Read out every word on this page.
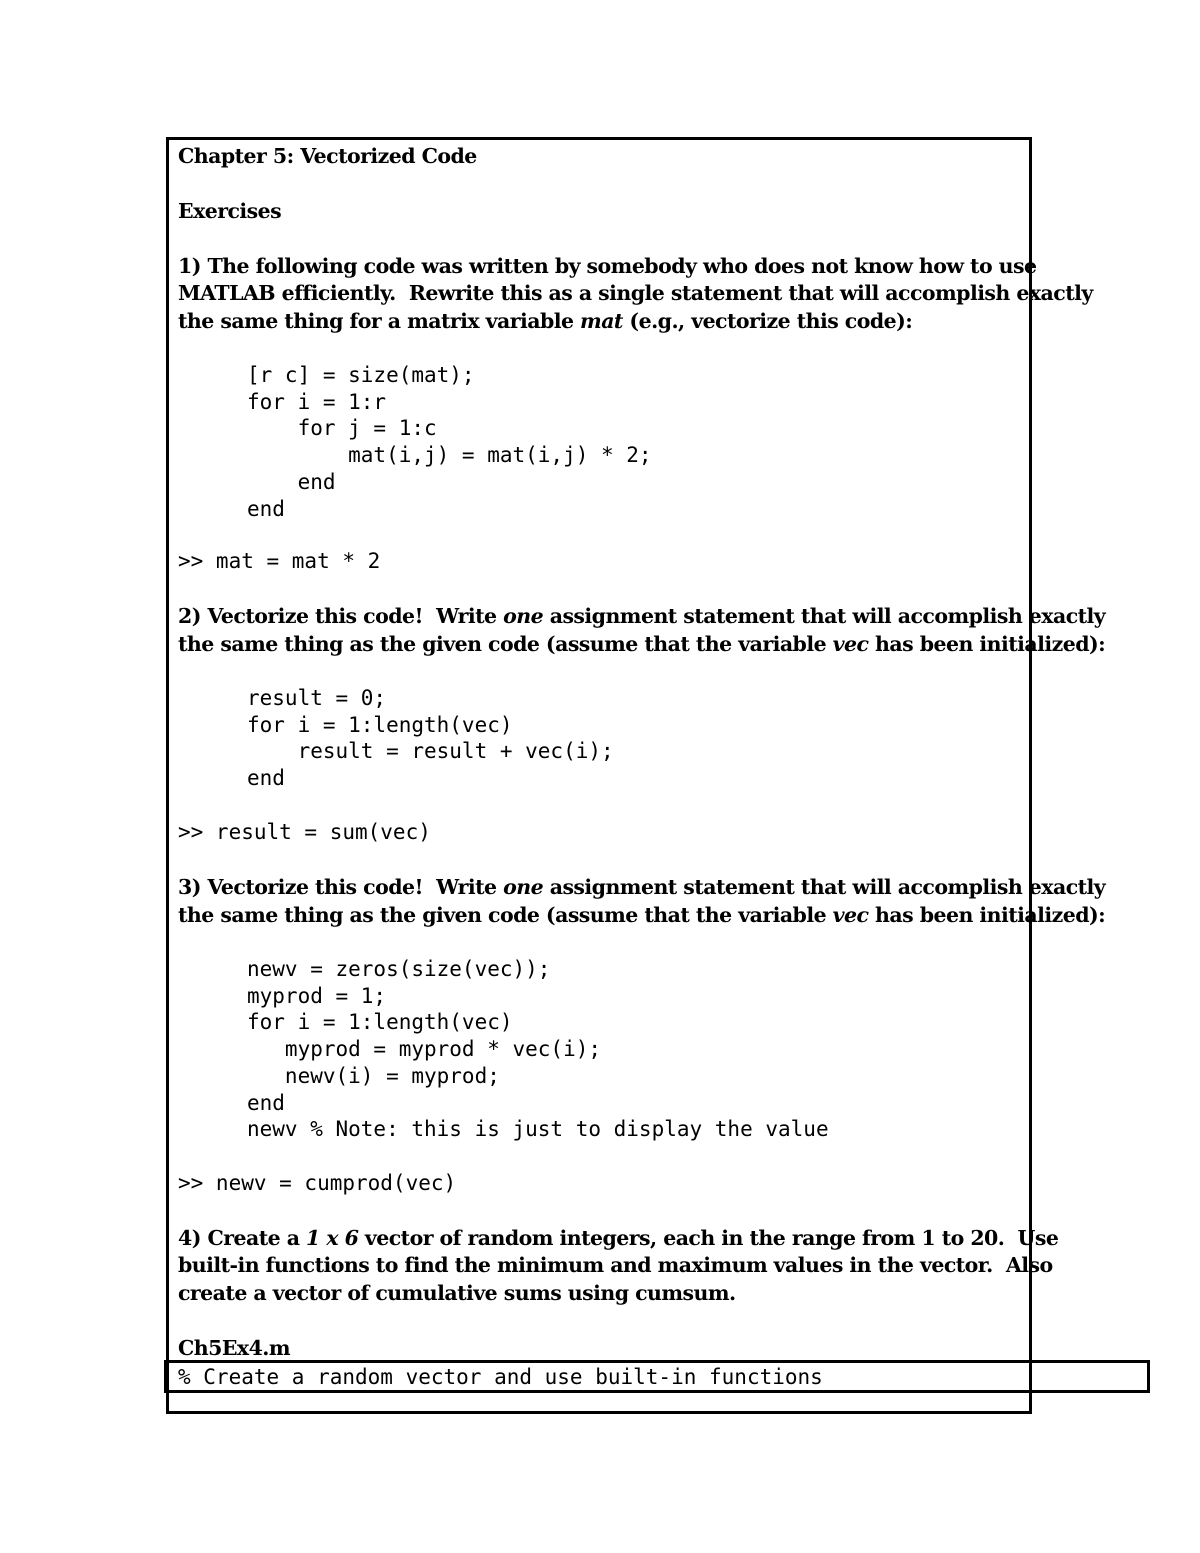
Chapter 5: Vectorized Code

Exercises

1) The following code was written by somebody who does not know how to use

MATLAB efficiently.  Rewrite this as a single statement that will accomplish exactly

the same thing for a matrix variable mat (e.g., vectorize this code):

[r c] = size(mat);
for i = 1:r
for j = 1:c
mat(i,j) = mat(i,j) * 2;
end
end
>> mat = mat * 2

2) Vectorize this code!  Write one assignment statement that will accomplish exactly

the same thing as the given code (assume that the variable vec has been initialized):

result = 0;
for i = 1:length(vec)
result = result + vec(i);
end
>> result = sum(vec)

3) Vectorize this code!  Write one assignment statement that will accomplish exactly

the same thing as the given code (assume that the variable vec has been initialized):

newv = zeros(size(vec));
myprod = 1;
for i = 1:length(vec)
myprod = myprod * vec(i);
newv(i) = myprod;
end
newv % Note: this is just to display the value
>> newv = cumprod(vec)

4) Create a 1 x 6 vector of random integers, each in the range from 1 to 20.  Use

built-in functions to find the minimum and maximum values in the vector.  Also

create a vector of cumulative sums using cumsum.

Ch5Ex4.m

% Create a random vector and use built-in functions
